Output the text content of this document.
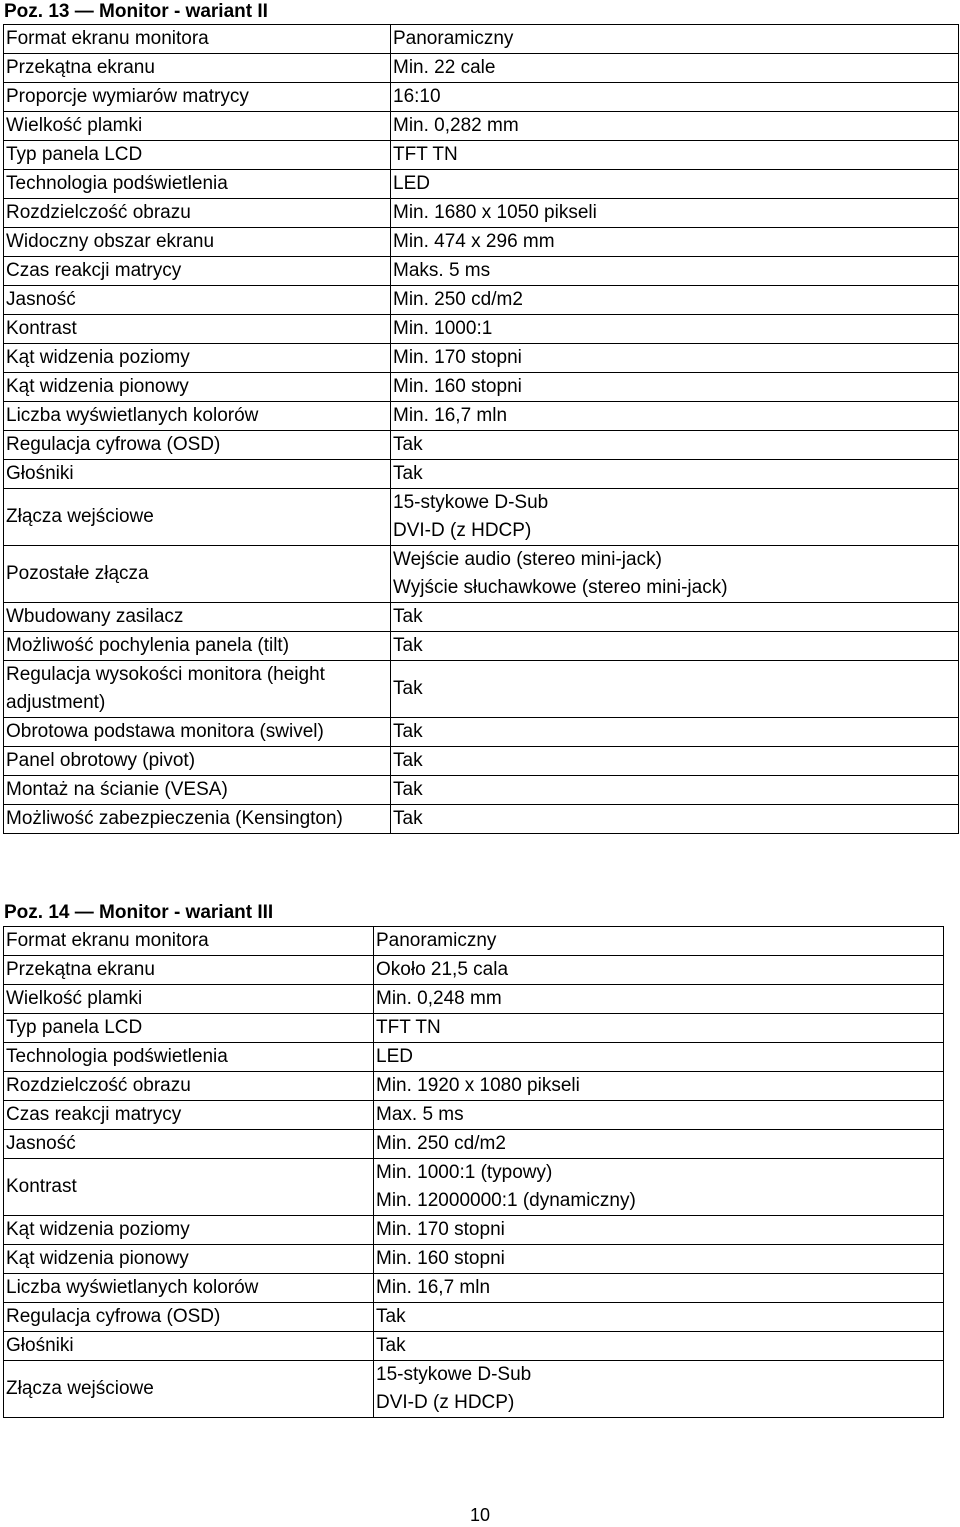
Poz. 13 — Monitor - wariant II
Format ekranu monitora	Panoramiczny

Przekątna ekranu	Min. 22 cale

Proporcje wymiarów matrycy	16:10

Wielkość plamki	Min. 0,282 mm

Typ panela LCD	TFT TN

Technologia podświetlenia	LED

Rozdzielczość obrazu	Min. 1680 x 1050 pikseli

Widoczny obszar ekranu	Min. 474 x 296 mm

Czas reakcji matrycy	Maks. 5 ms

Jasność	Min. 250 cd/m2

Kontrast	Min. 1000:1

Kąt widzenia poziomy	Min. 170 stopni

Kąt widzenia pionowy	Min. 160 stopni

Liczba wyświetlanych kolorów	Min. 16,7 mln

Regulacja cyfrowa (OSD)	Tak

Głośniki	Tak

Złącza wejściowe	15-stykowe D-Sub
DVI-D (z HDCP)

Pozostałe złącza	Wejście audio (stereo mini-jack)
Wyjście słuchawkowe (stereo mini-jack)

Wbudowany zasilacz	Tak

Możliwość pochylenia panela (tilt)	Tak

Regulacja wysokości monitora (height adjustment)	Tak

Obrotowa podstawa monitora (swivel)	Tak

Panel obrotowy (pivot)	Tak

Montaż na ścianie (VESA)	Tak

Możliwość zabezpieczenia (Kensington)	Tak
Poz. 14 — Monitor - wariant III
Format ekranu monitora	Panoramiczny

Przekątna ekranu	Około 21,5 cala

Wielkość plamki	Min. 0,248 mm

Typ panela LCD	TFT TN

Technologia podświetlenia	LED

Rozdzielczość obrazu	Min. 1920 x 1080 pikseli

Czas reakcji matrycy	Max. 5 ms

Jasność	Min. 250 cd/m2

Kontrast	Min. 1000:1 (typowy)
Min. 12000000:1 (dynamiczny)

Kąt widzenia poziomy	Min. 170 stopni

Kąt widzenia pionowy	Min. 160 stopni

Liczba wyświetlanych kolorów	Min. 16,7 mln

Regulacja cyfrowa (OSD)	Tak

Głośniki	Tak

Złącza wejściowe	15-stykowe D-Sub
DVI-D (z HDCP)
10
